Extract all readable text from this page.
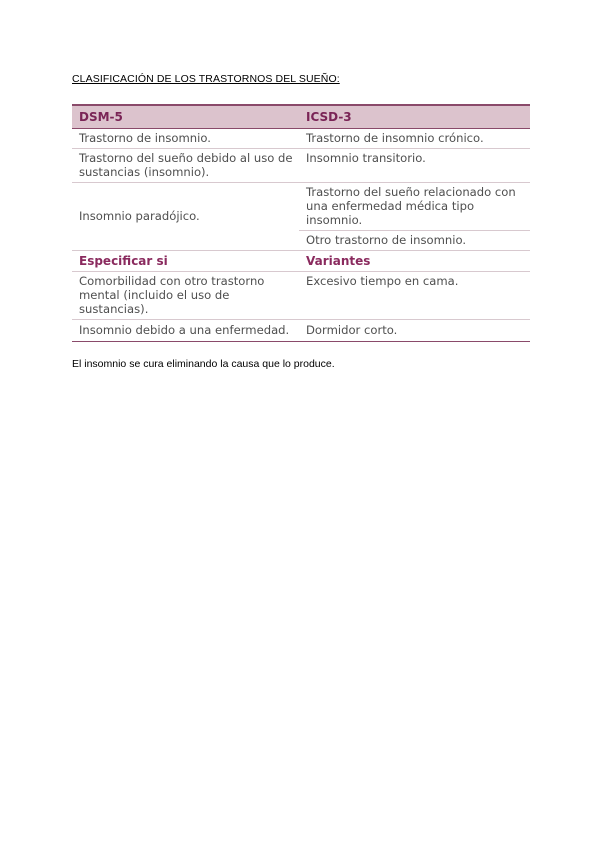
CLASIFICACIÓN DE LOS TRASTORNOS DEL SUEÑO:
DSM-5	ICSD-3
Trastorno de insomnio.	Trastorno de insomnio crónico.
Trastorno del sueño debido al uso de sustancias (insomnio).	Insomnio transitorio.
Insomnio paradójico.	Trastorno del sueño relacionado con una enfermedad médica tipo insomnio.
Otro trastorno de insomnio.

Especificar si	Variantes
Comorbilidad con otro trastorno mental (incluido el uso de sustancias).	Excesivo tiempo en cama.
Insomnio debido a una enfermedad.	Dormidor corto.

El insomnio se cura eliminando la causa que lo produce.
